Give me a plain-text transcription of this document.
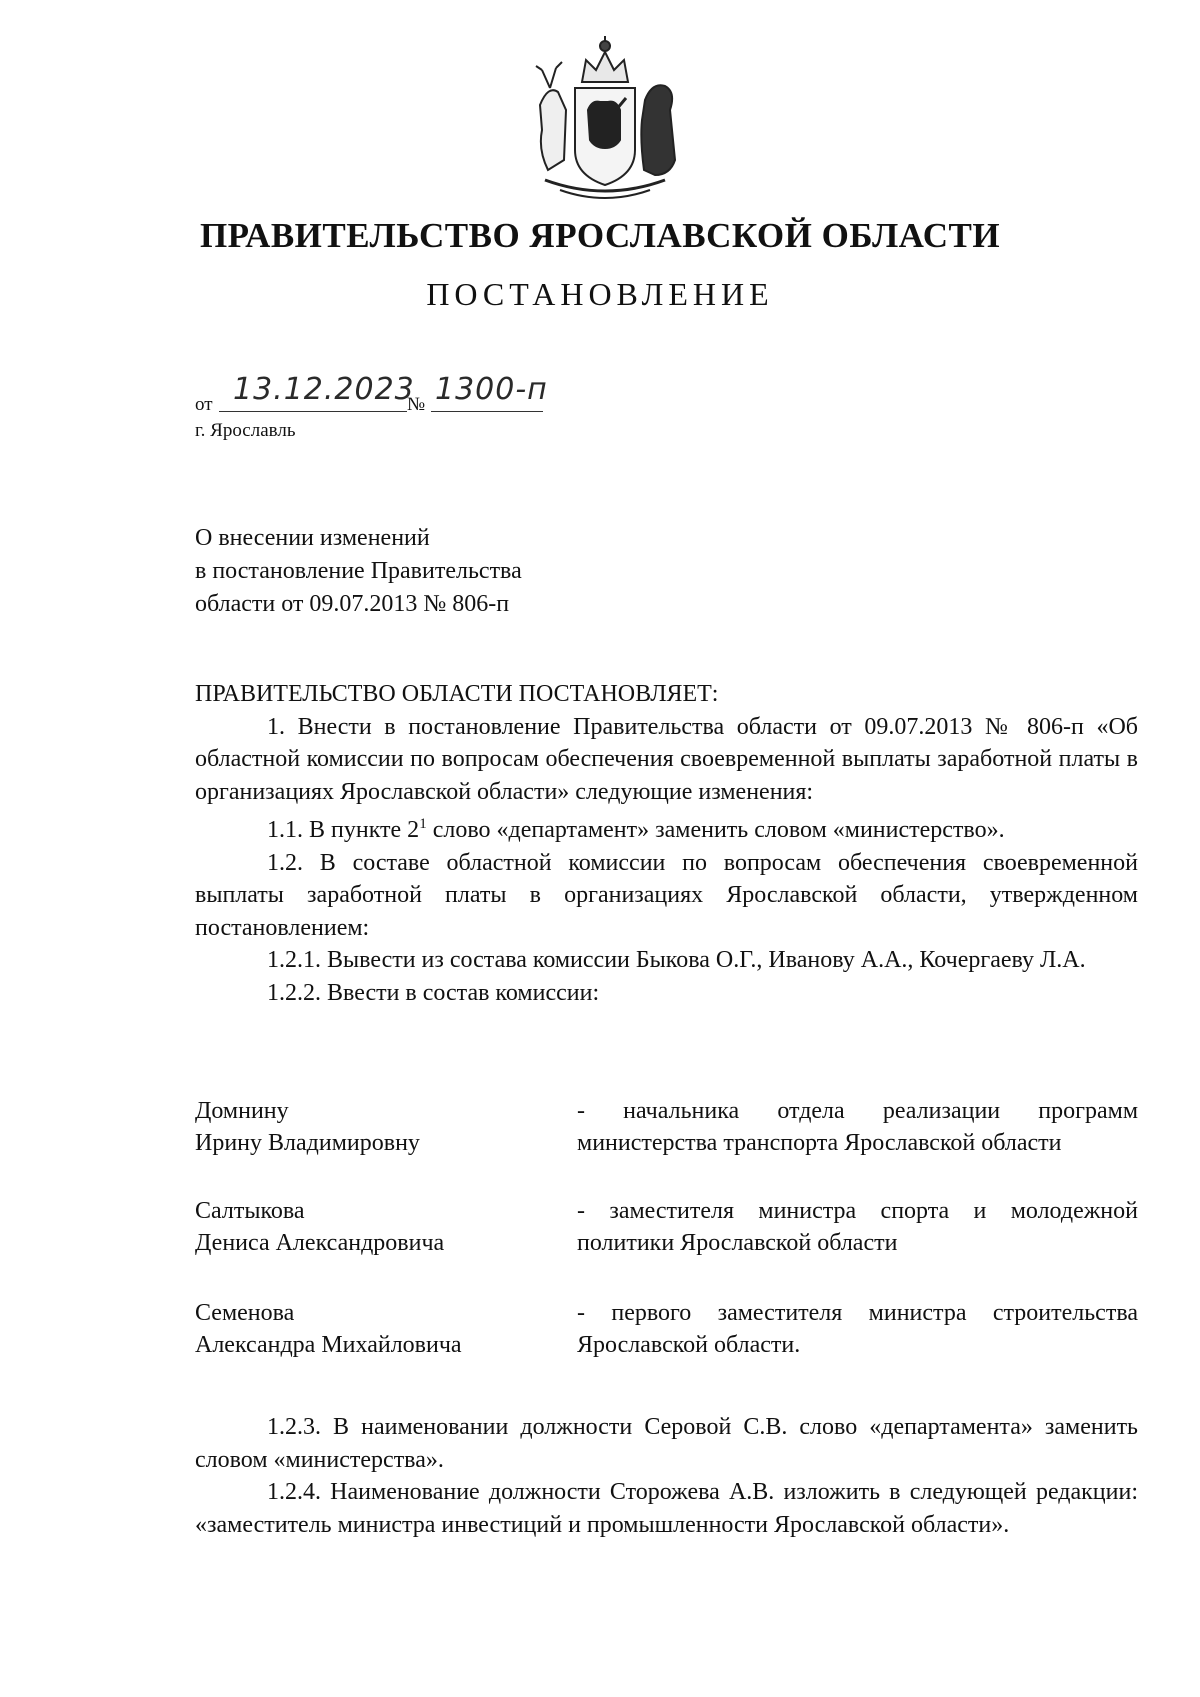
ПРАВИТЕЛЬСТВО ЯРОСЛАВСКОЙ ОБЛАСТИ
ПОСТАНОВЛЕНИЕ
от 13.12.2023
№ 1300-п
г. Ярославль
О внесении изменений
в постановление Правительства
области от 09.07.2013 № 806-п

ПРАВИТЕЛЬСТВО ОБЛАСТИ ПОСТАНОВЛЯЕТ:

1. Внести в постановление Правительства области от 09.07.2013 № 806-п «Об областной комиссии по вопросам обеспечения своевременной выплаты заработной платы в организациях Ярославской области» следующие изменения:

1.1. В пункте $2^1$ слово «департамент» заменить словом «министерство».

1.2. В составе областной комиссии по вопросам обеспечения своевременной выплаты заработной платы в организациях Ярославской области, утвержденном постановлением:

1.2.1. Вывести из состава комиссии Быкова О.Г., Иванову А.А., Кочергаеву Л.А.

1.2.2. Ввести в состав комиссии:

Домнину
Ирину Владимировну
- начальника отдела реализации программ министерства транспорта Ярославской области
Салтыкова
Дениса Александровича
- заместителя министра спорта и молодежной политики Ярославской области
Семенова
Александра Михайловича
- первого заместителя министра строительства Ярославской области.

1.2.3. В наименовании должности Серовой С.В. слово «департамента» заменить словом «министерства».

1.2.4. Наименование должности Сторожева А.В. изложить в следующей редакции: «заместитель министра инвестиций и промышленности Ярославской области».
